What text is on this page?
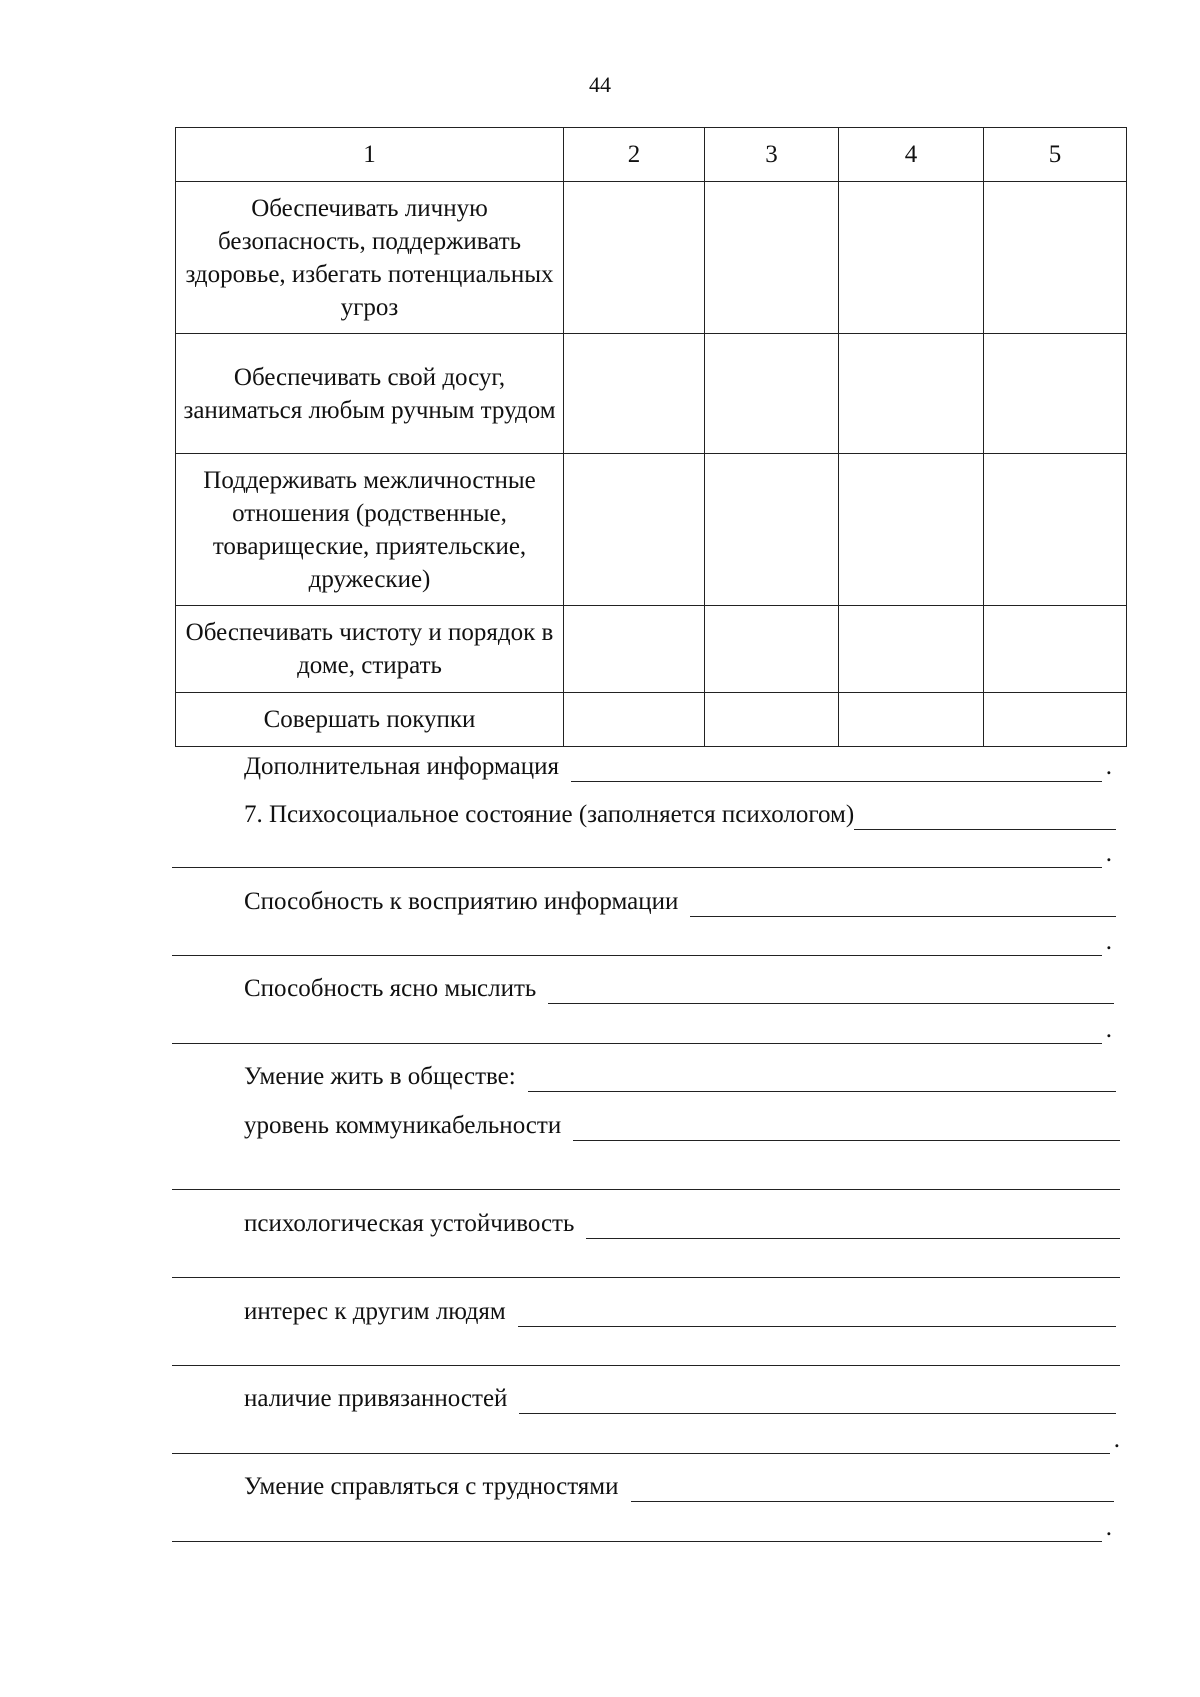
44
1	2	3	4	5
Обеспечивать личную безопасность, поддерживать здоровье, избегать потенциальных угроз				
Обеспечивать свой досуг, заниматься любым ручным трудом				
Поддерживать межличностные отношения (родственные, товарищеские, приятельские, дружеские)				
Обеспечивать чистоту и порядок в доме, стирать				
Совершать покупки				
Дополнительная информация	.
7. Психосоциальное состояние (заполняется психологом)
.
Способность к восприятию информации
.
Способность ясно мыслить
.
Умение жить в обществе:
уровень коммуникабельности
психологическая устойчивость
интерес к другим людям
наличие привязанностей
.
Умение справляться с трудностями
.
